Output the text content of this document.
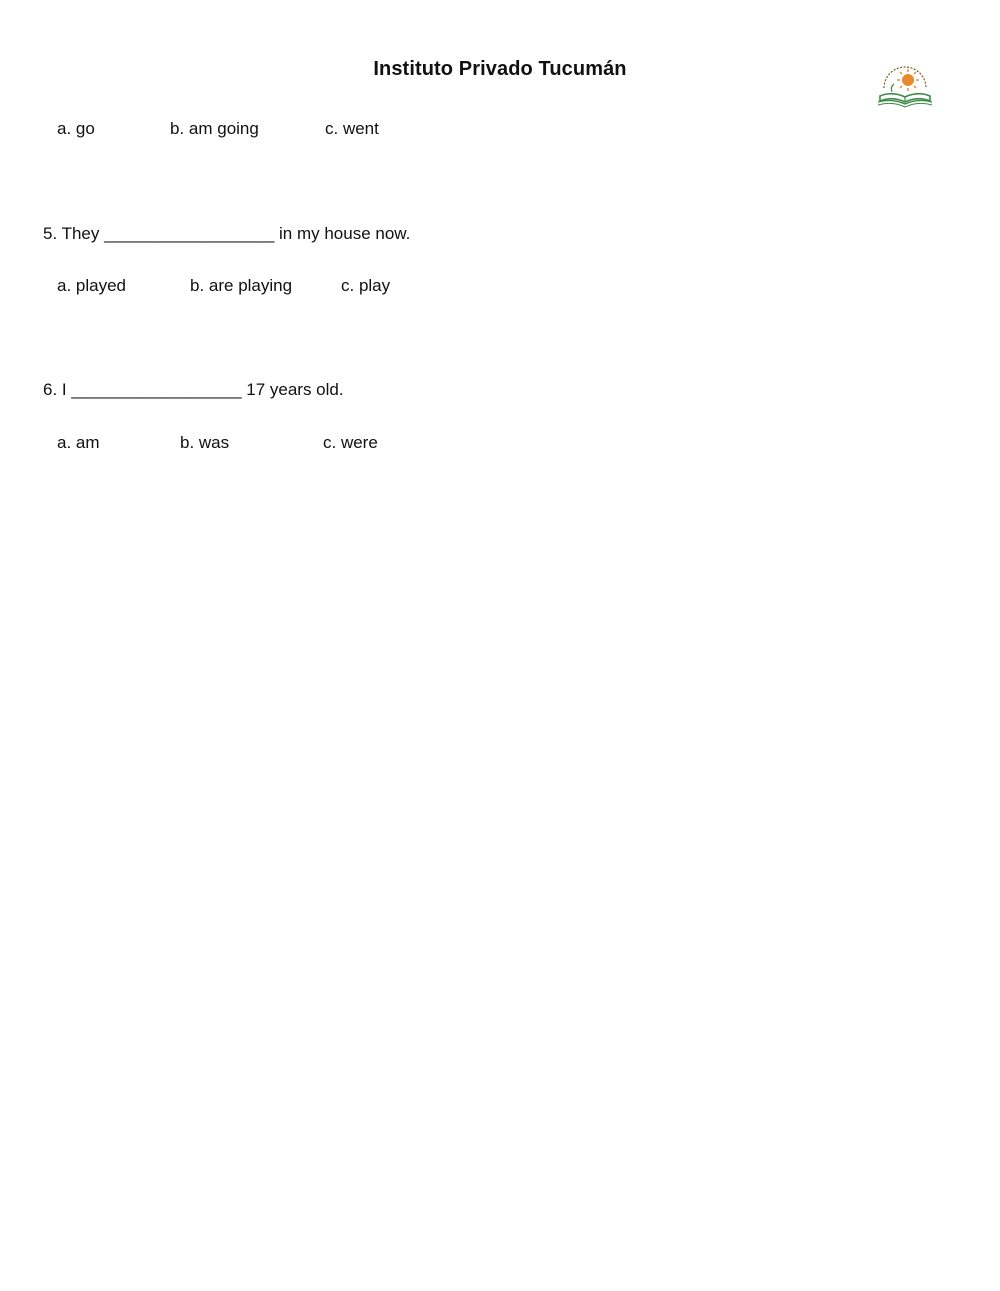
Instituto Privado Tucumán
a. go	b. am going	c. went
5. They __________________ in my house now.
a. played	b. are playing	c. play
6. I __________________ 17 years old.
a. am	b. was	c. were
